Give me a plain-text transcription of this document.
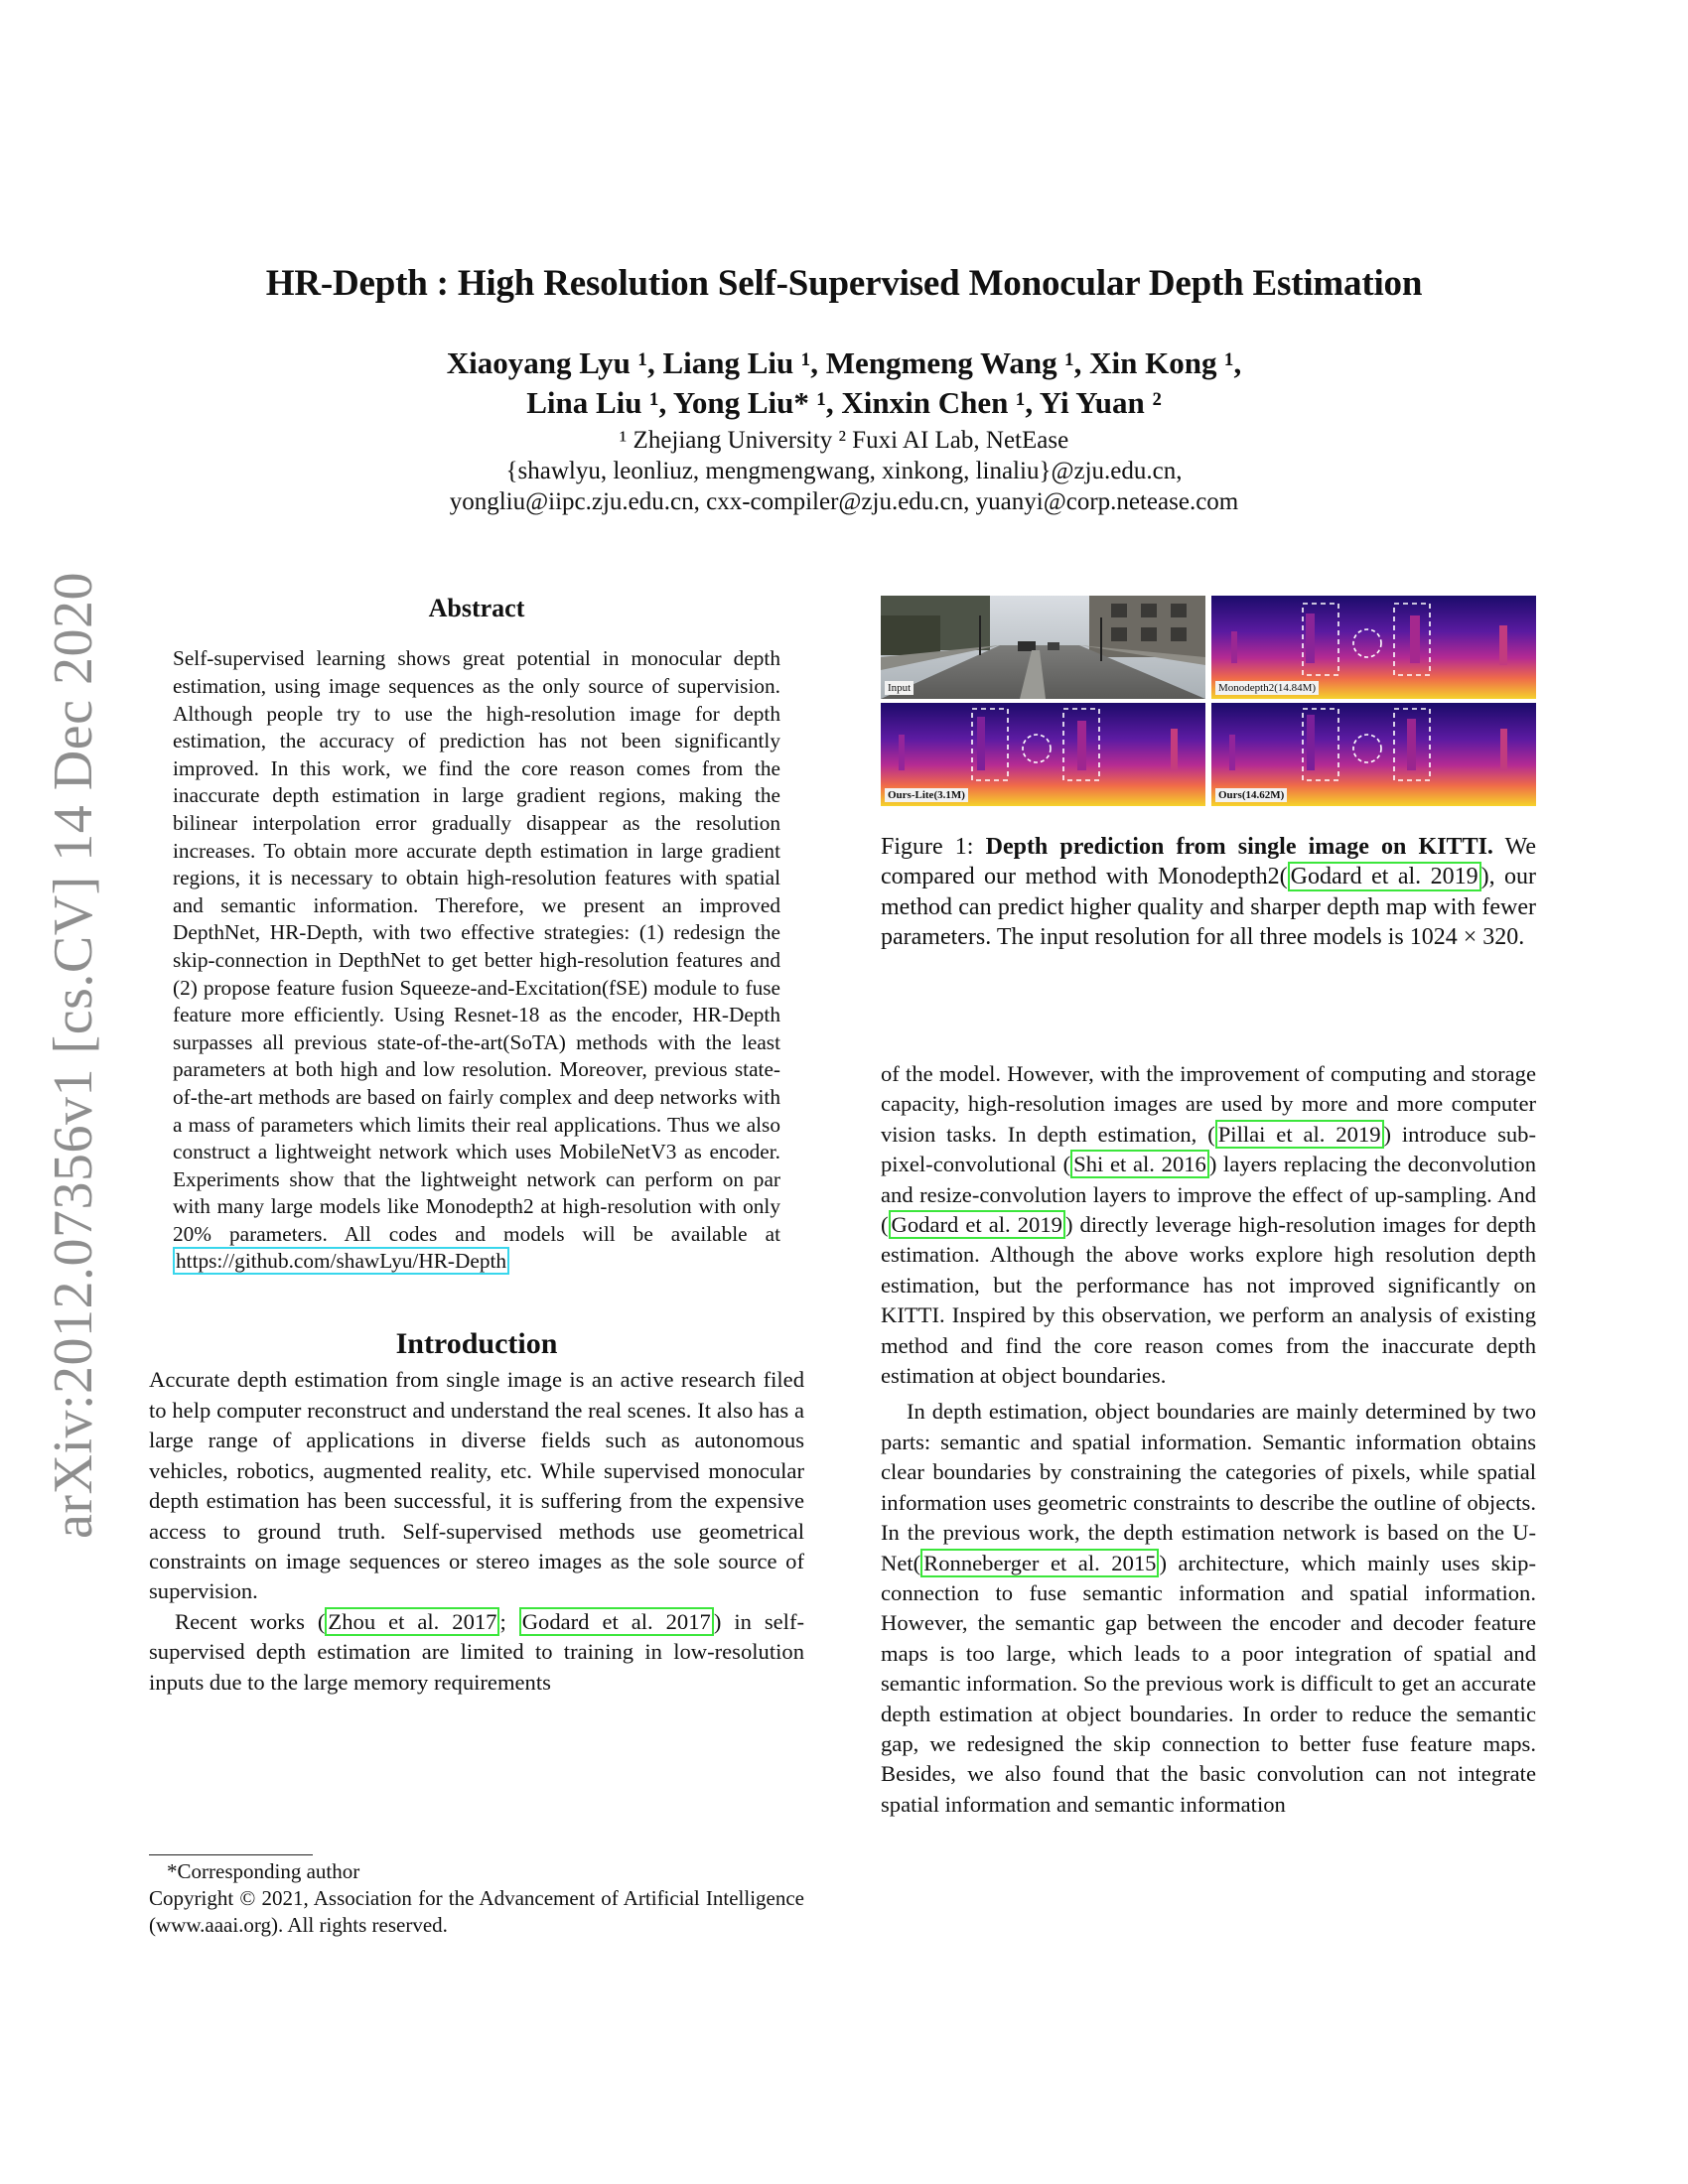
HR-Depth : High Resolution Self-Supervised Monocular Depth Estimation
Xiaoyang Lyu ¹, Liang Liu ¹, Mengmeng Wang ¹, Xin Kong ¹,
Lina Liu ¹, Yong Liu* ¹, Xinxin Chen ¹, Yi Yuan ²
¹ Zhejiang University ² Fuxi AI Lab, NetEase
{shawlyu, leonliuz, mengmengwang, xinkong, linaliu}@zju.edu.cn,
yongliu@iipc.zju.edu.cn, cxx-compiler@zju.edu.cn, yuanyi@corp.netease.com
arXiv:2012.07356v1 [cs.CV] 14 Dec 2020	Abstract

Self-supervised learning shows great potential in monocular depth estimation, using image sequences as the only source of supervision. Although people try to use the high-resolution image for depth estimation, the accuracy of prediction has not been significantly improved. In this work, we find the core reason comes from the inaccurate depth estimation in large gradient regions, making the bilinear interpolation error gradually disappear as the resolution increases. To obtain more accurate depth estimation in large gradient regions, it is necessary to obtain high-resolution features with spatial and semantic information. Therefore, we present an improved DepthNet, HR-Depth, with two effective strategies: (1) redesign the skip-connection in DepthNet to get better high-resolution features and (2) propose feature fusion Squeeze-and-Excitation(fSE) module to fuse feature more efficiently. Using Resnet-18 as the encoder, HR-Depth surpasses all previous state-of-the-art(SoTA) methods with the least parameters at both high and low resolution. Moreover, previous state-of-the-art methods are based on fairly complex and deep networks with a mass of parameters which limits their real applications. Thus we also construct a lightweight network which uses MobileNetV3 as encoder. Experiments show that the lightweight network can perform on par with many large models like Monodepth2 at high-resolution with only 20% parameters. All codes and models will be available at https://github.com/shawLyu/HR-Depth

Introduction

Accurate depth estimation from single image is an active research filed to help computer reconstruct and understand the real scenes. It also has a large range of applications in diverse fields such as autonomous vehicles, robotics, augmented reality, etc. While supervised monocular depth estimation has been successful, it is suffering from the expensive access to ground truth. Self-supervised methods use geometrical constraints on image sequences or stereo images as the sole source of supervision.

Recent works ( Zhou et al. 2017 ; Godard et al. 2017 ) in self-supervised depth estimation are limited to training in low-resolution inputs due to the large memory requirements

*Corresponding author
Copyright © 2021, Association for the Advancement of Artificial Intelligence (www.aaai.org). All rights reserved.
Input	Monodepth2(14.84M)
Ours-Lite(3.1M)	Ours(14.62M)
Figure 1: Depth prediction from single image on KITTI. We compared our method with Monodepth2( Godard et al. 2019 ), our method can predict higher quality and sharper depth map with fewer parameters. The input resolution for all three models is 1024 × 320.

of the model. However, with the improvement of computing and storage capacity, high-resolution images are used by more and more computer vision tasks. In depth estimation, ( Pillai et al. 2019 ) introduce sub-pixel-convolutional ( Shi et al. 2016 ) layers replacing the deconvolution and resize-convolution layers to improve the effect of up-sampling. And ( Godard et al. 2019 ) directly leverage high-resolution images for depth estimation. Although the above works explore high resolution depth estimation, but the performance has not improved significantly on KITTI. Inspired by this observation, we perform an analysis of existing method and find the core reason comes from the inaccurate depth estimation at object boundaries.

In depth estimation, object boundaries are mainly determined by two parts: semantic and spatial information. Semantic information obtains clear boundaries by constraining the categories of pixels, while spatial information uses geometric constraints to describe the outline of objects. In the previous work, the depth estimation network is based on the U-Net( Ronneberger et al. 2015 ) architecture, which mainly uses skip-connection to fuse semantic information and spatial information. However, the semantic gap between the encoder and decoder feature maps is too large, which leads to a poor integration of spatial and semantic information. So the previous work is difficult to get an accurate depth estimation at object boundaries. In order to reduce the semantic gap, we redesigned the skip connection to better fuse feature maps. Besides, we also found that the basic convolution can not integrate spatial information and semantic information
